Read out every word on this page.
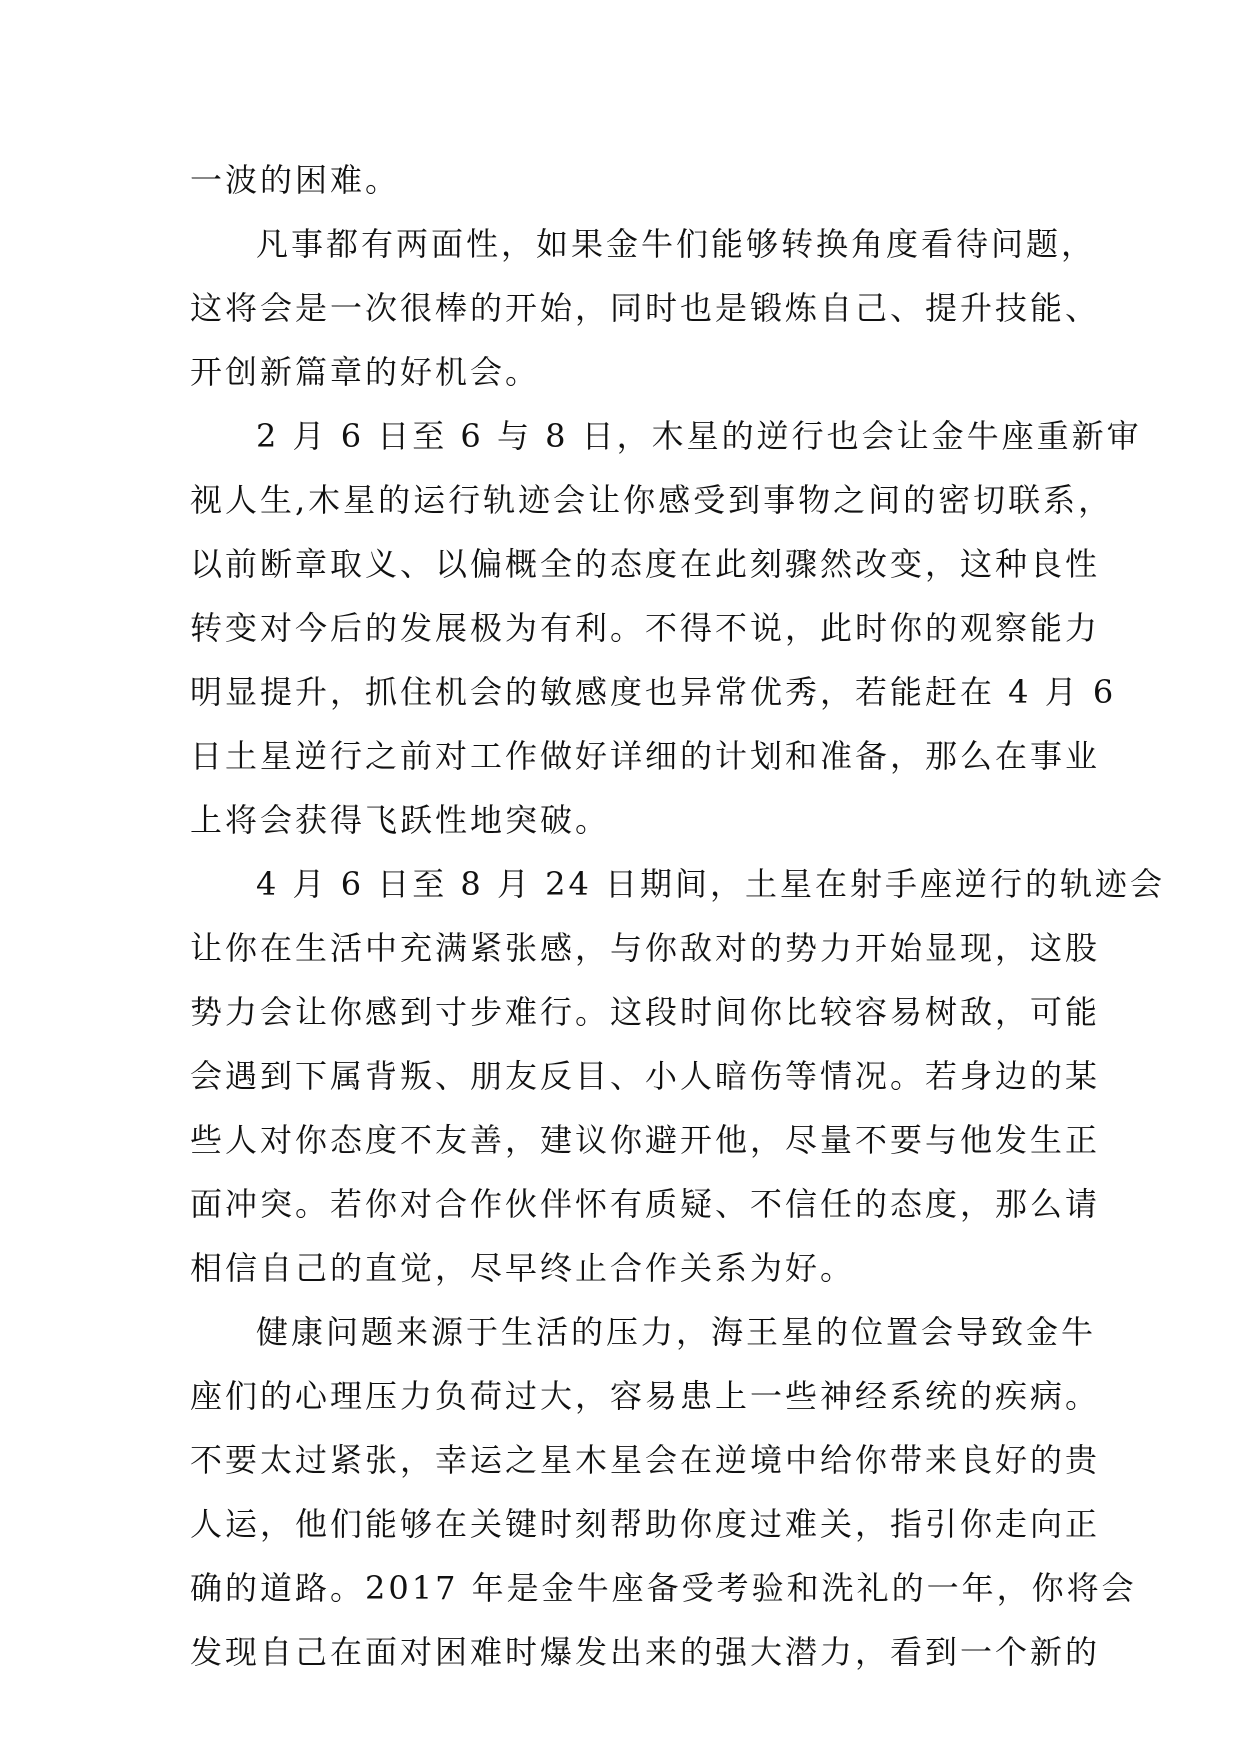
一波的困难。
凡事都有两面性，如果金牛们能够转换角度看待问题，
这将会是一次很棒的开始，同时也是锻炼自己、提升技能、
开创新篇章的好机会。
2 月 6 日至 6 与 8 日，木星的逆行也会让金牛座重新审
视人生,木星的运行轨迹会让你感受到事物之间的密切联系，
以前断章取义、以偏概全的态度在此刻骤然改变，这种良性
转变对今后的发展极为有利。不得不说，此时你的观察能力
明显提升，抓住机会的敏感度也异常优秀，若能赶在 4 月 6
日土星逆行之前对工作做好详细的计划和准备，那么在事业
上将会获得飞跃性地突破。
4 月 6 日至 8 月 24 日期间，土星在射手座逆行的轨迹会
让你在生活中充满紧张感，与你敌对的势力开始显现，这股
势力会让你感到寸步难行。这段时间你比较容易树敌，可能
会遇到下属背叛、朋友反目、小人暗伤等情况。若身边的某
些人对你态度不友善，建议你避开他，尽量不要与他发生正
面冲突。若你对合作伙伴怀有质疑、不信任的态度，那么请
相信自己的直觉，尽早终止合作关系为好。
健康问题来源于生活的压力，海王星的位置会导致金牛
座们的心理压力负荷过大，容易患上一些神经系统的疾病。
不要太过紧张，幸运之星木星会在逆境中给你带来良好的贵
人运，他们能够在关键时刻帮助你度过难关，指引你走向正
确的道路。2017 年是金牛座备受考验和洗礼的一年，你将会
发现自己在面对困难时爆发出来的强大潜力，看到一个新的
